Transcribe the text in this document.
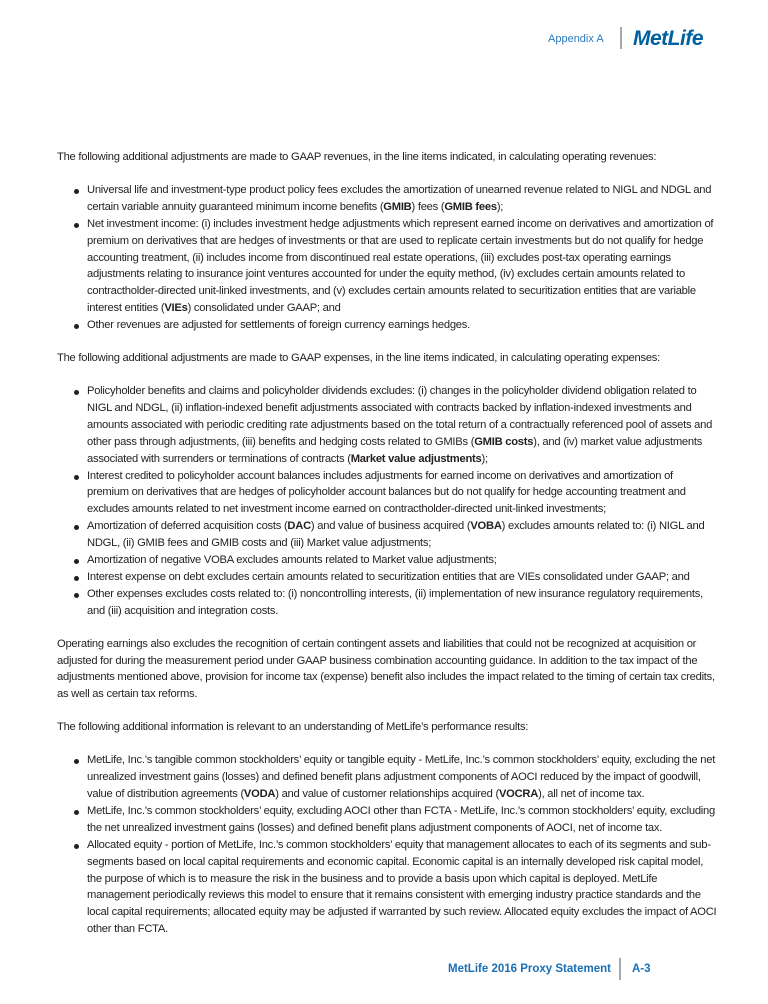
Appendix A MetLife

The following additional adjustments are made to GAAP revenues, in the line items indicated, in calculating operating revenues:

Universal life and investment-type product policy fees excludes the amortization of unearned revenue related to NIGL and NDGL and certain variable annuity guaranteed minimum income benefits (GMIB) fees (GMIB fees);
Net investment income: (i) includes investment hedge adjustments which represent earned income on derivatives and amortization of premium on derivatives that are hedges of investments or that are used to replicate certain investments but do not qualify for hedge accounting treatment, (ii) includes income from discontinued real estate operations, (iii) excludes post-tax operating earnings adjustments relating to insurance joint ventures accounted for under the equity method, (iv) excludes certain amounts related to contractholder-directed unit-linked investments, and (v) excludes certain amounts related to securitization entities that are variable interest entities (VIEs) consolidated under GAAP; and
Other revenues are adjusted for settlements of foreign currency earnings hedges.

The following additional adjustments are made to GAAP expenses, in the line items indicated, in calculating operating expenses:

Policyholder benefits and claims and policyholder dividends excludes: (i) changes in the policyholder dividend obligation related to NIGL and NDGL, (ii) inflation-indexed benefit adjustments associated with contracts backed by inflation-indexed investments and amounts associated with periodic crediting rate adjustments based on the total return of a contractually referenced pool of assets and other pass through adjustments, (iii) benefits and hedging costs related to GMIBs (GMIB costs), and (iv) market value adjustments associated with surrenders or terminations of contracts (Market value adjustments);
Interest credited to policyholder account balances includes adjustments for earned income on derivatives and amortization of premium on derivatives that are hedges of policyholder account balances but do not qualify for hedge accounting treatment and excludes amounts related to net investment income earned on contractholder-directed unit-linked investments;
Amortization of deferred acquisition costs (DAC) and value of business acquired (VOBA) excludes amounts related to: (i) NIGL and NDGL, (ii) GMIB fees and GMIB costs and (iii) Market value adjustments;
Amortization of negative VOBA excludes amounts related to Market value adjustments;
Interest expense on debt excludes certain amounts related to securitization entities that are VIEs consolidated under GAAP; and
Other expenses excludes costs related to: (i) noncontrolling interests, (ii) implementation of new insurance regulatory requirements, and (iii) acquisition and integration costs.

Operating earnings also excludes the recognition of certain contingent assets and liabilities that could not be recognized at acquisition or adjusted for during the measurement period under GAAP business combination accounting guidance. In addition to the tax impact of the adjustments mentioned above, provision for income tax (expense) benefit also includes the impact related to the timing of certain tax credits, as well as certain tax reforms.

The following additional information is relevant to an understanding of MetLife’s performance results:

MetLife, Inc.’s tangible common stockholders’ equity or tangible equity - MetLife, Inc.’s common stockholders’ equity, excluding the net unrealized investment gains (losses) and defined benefit plans adjustment components of AOCI reduced by the impact of goodwill, value of distribution agreements (VODA) and value of customer relationships acquired (VOCRA), all net of income tax.
MetLife, Inc.’s common stockholders’ equity, excluding AOCI other than FCTA - MetLife, Inc.’s common stockholders’ equity, excluding the net unrealized investment gains (losses) and defined benefit plans adjustment components of AOCI, net of income tax.
Allocated equity - portion of MetLife, Inc.’s common stockholders’ equity that management allocates to each of its segments and sub-segments based on local capital requirements and economic capital. Economic capital is an internally developed risk capital model, the purpose of which is to measure the risk in the business and to provide a basis upon which capital is deployed. MetLife management periodically reviews this model to ensure that it remains consistent with emerging industry practice standards and the local capital requirements; allocated equity may be adjusted if warranted by such review. Allocated equity excludes the impact of AOCI other than FCTA.
MetLife 2016 Proxy Statement A-3
